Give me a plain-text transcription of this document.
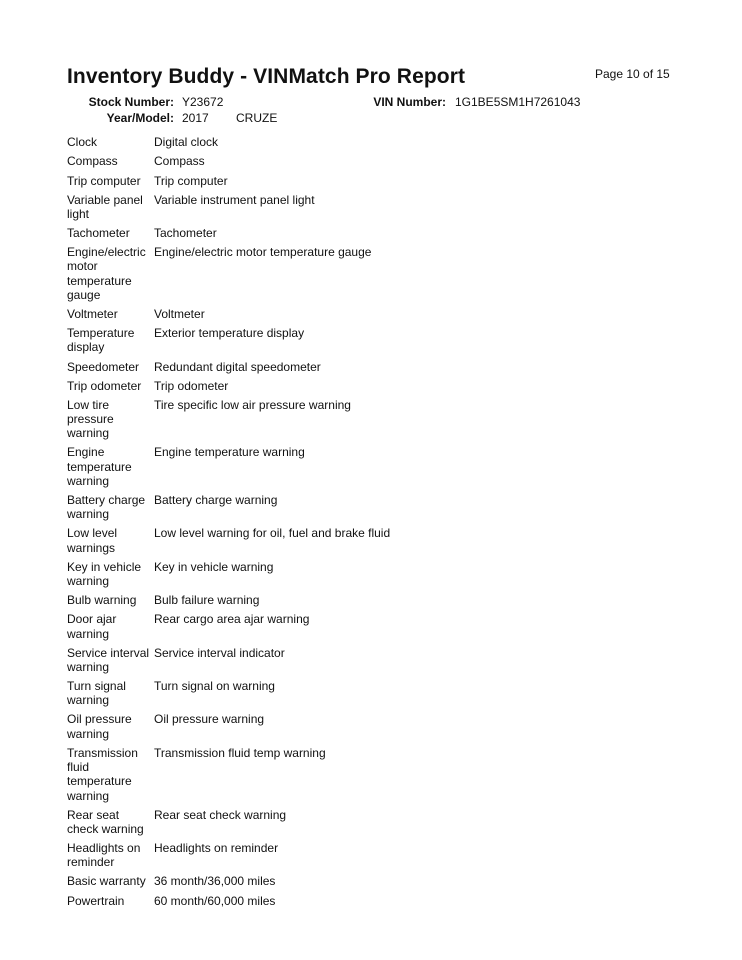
Inventory Buddy - VINMatch Pro Report	Page 10 of 15
Stock Number: Y23672	VIN Number: 1G1BE5SM1H7261043
Year/Model: 2017 CRUZE
Clock	Digital clock
Compass	Compass
Trip computer	Trip computer
Variable panel light	Variable instrument panel light
Tachometer	Tachometer
Engine/electric motor temperature gauge	Engine/electric motor temperature gauge
Voltmeter	Voltmeter
Temperature display	Exterior temperature display
Speedometer	Redundant digital speedometer
Trip odometer	Trip odometer
Low tire pressure warning	Tire specific low air pressure warning
Engine temperature warning	Engine temperature warning
Battery charge warning	Battery charge warning
Low level warnings	Low level warning for oil, fuel and brake fluid
Key in vehicle warning	Key in vehicle warning
Bulb warning	Bulb failure warning
Door ajar warning	Rear cargo area ajar warning
Service interval warning	Service interval indicator
Turn signal warning	Turn signal on warning
Oil pressure warning	Oil pressure warning
Transmission fluid temperature warning	Transmission fluid temp warning
Rear seat check warning	Rear seat check warning
Headlights on reminder	Headlights on reminder
Basic warranty	36 month/36,000 miles
Powertrain	60 month/60,000 miles
